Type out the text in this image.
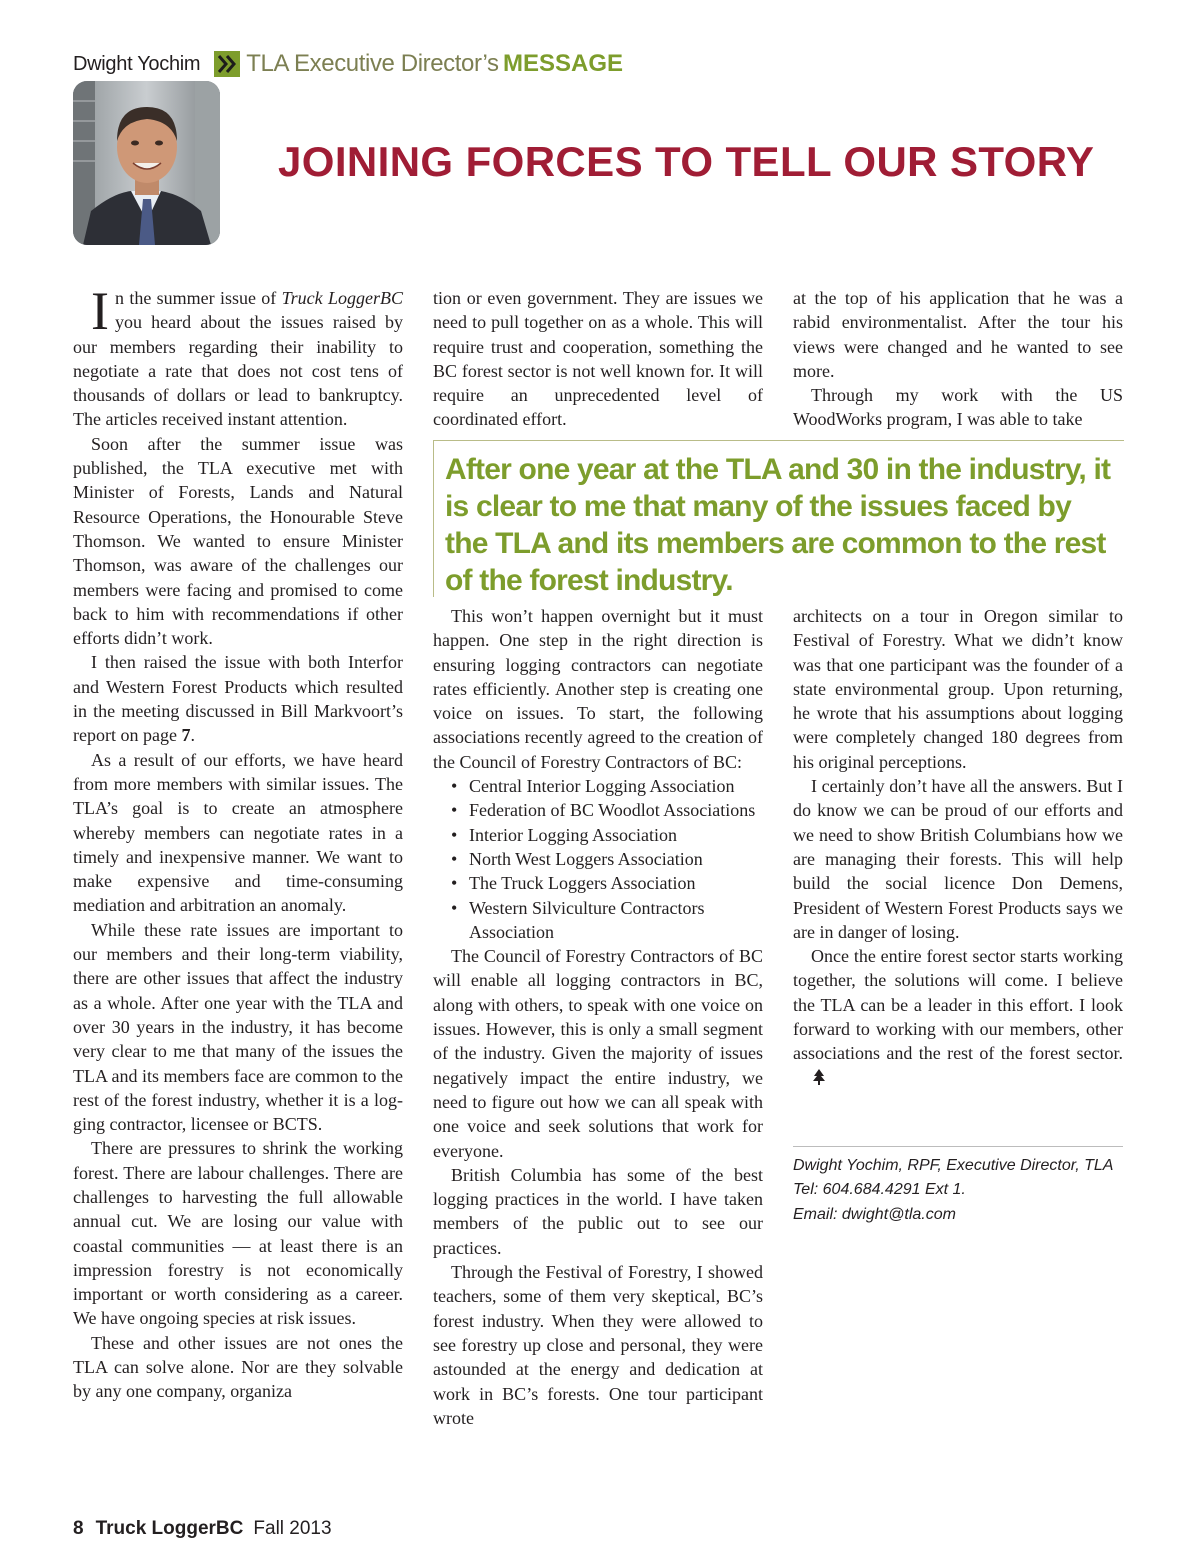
Dwight Yochim TLA Executive Director’s
MESSAGE
JOINING FORCES TO TELL OUR STORY

In the summer issue of Truck LoggerBC you heard about the issues raised by our members regarding their inability to negotiate a rate that does not cost tens of thousands of dollars or lead to bankruptcy. The articles received instant attention.

Soon after the summer issue was published, the TLA executive met with Minister of Forests, Lands and Natural Resource Operations, the Honourable Steve Thomson. We wanted to ensure Minister Thomson, was aware of the challenges our members were facing and promised to come back to him with recommendations if other efforts didn’t work.

I then raised the issue with both Interfor and Western Forest Products which resulted in the meeting discussed in Bill Markvoort’s report on page 7.

As a result of our efforts, we have heard from more members with similar issues. The TLA’s goal is to create an atmosphere whereby members can negotiate rates in a timely and inexpensive manner. We want to make expensive and time-consuming mediation and arbitration an anomaly.

While these rate issues are important to our members and their long-term viability, there are other issues that affect the industry as a whole. After one year with the TLA and over 30 years in the industry, it has become very clear to me that many of the issues the TLA and its members face are common to the rest of the forest industry, whether it is a logging contractor, licensee or BCTS.

There are pressures to shrink the working forest. There are labour challenges. There are challenges to harvesting the full allowable annual cut. We are losing our value with coastal communities — at least there is an impression forestry is not economically important or worth considering as a career. We have ongoing species at risk issues.

These and other issues are not ones the TLA can solve alone. Nor are they solvable by any one company, organiza

tion or even government. They are issues we need to pull together on as a whole. This will require trust and cooperation, something the BC forest sector is not well known for. It will require an unprecedented level of coordinated effort.

at the top of his application that he was a rabid environmentalist. After the tour his views were changed and he wanted to see more.

Through my work with the US WoodWorks program, I was able to take

After one year at the TLA and 30 in the industry, it is clear to me that many of the issues faced by the TLA and its members are common to the rest of the forest industry.

This won’t happen overnight but it must happen. One step in the right direction is ensuring logging contractors can negotiate rates efficiently. Another step is creating one voice on issues. To start, the following associations recently agreed to the creation of the Council of Forestry Contractors of BC:

• Central Interior Logging Association
• Federation of BC Woodlot Associations
• Interior Logging Association
• North West Loggers Association
• The Truck Loggers Association
• Western Silviculture Contractors Association

The Council of Forestry Contractors of BC will enable all logging contractors in BC, along with others, to speak with one voice on issues. However, this is only a small segment of the industry. Given the majority of issues negatively impact the entire industry, we need to figure out how we can all speak with one voice and seek solutions that work for everyone.

British Columbia has some of the best logging practices in the world. I have taken members of the public out to see our practices.

Through the Festival of Forestry, I showed teachers, some of them very skeptical, BC’s forest industry. When they were allowed to see forestry up close and personal, they were astounded at the energy and dedication at work in BC’s forests. One tour participant wrote

architects on a tour in Oregon similar to Festival of Forestry. What we didn’t know was that one participant was the founder of a state environmental group. Upon returning, he wrote that his assumptions about logging were completely changed 180 degrees from his original perceptions.

I certainly don’t have all the answers. But I do know we can be proud of our efforts and we need to show British Columbians how we are managing their forests. This will help build the social licence Don Demens, President of Western Forest Products says we are in danger of losing.

Once the entire forest sector starts working together, the solutions will come. I believe the TLA can be a leader in this effort. I look forward to working with our members, other associations and the rest of the forest sector.

Dwight Yochim, RPF, Executive Director, TLA
Tel: 604.684.4291 Ext 1.
Email: dwight@tla.com
8 Truck LoggerBC Fall 2013
